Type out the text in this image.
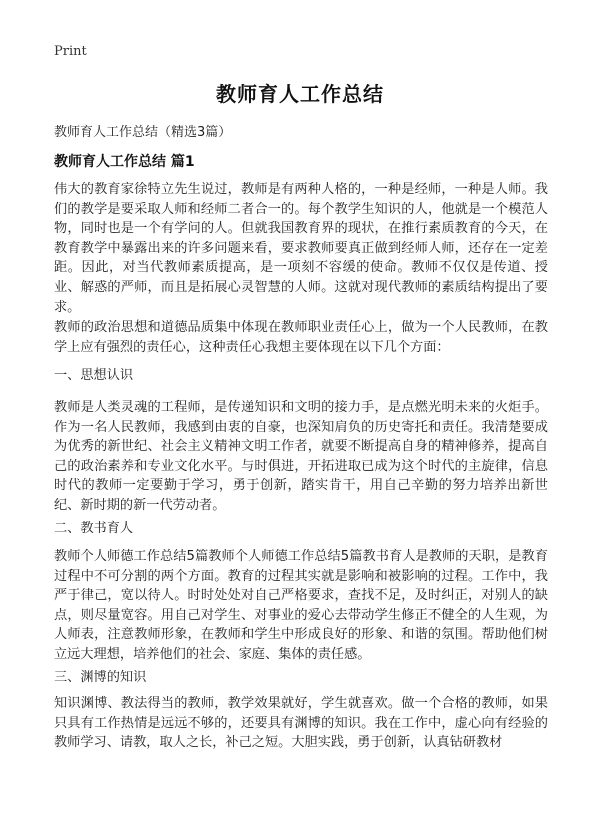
Print
教师育人工作总结
教师育人工作总结（精选3篇）
教师育人工作总结 篇1

伟大的教育家徐特立先生说过，教师是有两种人格的，一种是经师，一种是人师。我们的教学是要采取人师和经师二者合一的。每个教学生知识的人，他就是一个模范人物，同时也是一个有学问的人。但就我国教育界的现状，在推行素质教育的今天，在教育教学中暴露出来的许多问题来看，要求教师要真正做到经师人师，还存在一定差距。因此，对当代教师素质提高，是一项刻不容缓的使命。教师不仅仅是传道、授业、解惑的严师，而且是拓展心灵智慧的人师。这就对现代教师的素质结构提出了要求。

教师的政治思想和道德品质集中体现在教师职业责任心上，做为一个人民教师，在教学上应有强烈的责任心，这种责任心我想主要体现在以下几个方面：

一、思想认识

教师是人类灵魂的工程师，是传递知识和文明的接力手，是点燃光明未来的火炬手。作为一名人民教师，我感到由衷的自豪，也深知肩负的历史寄托和责任。我清楚要成为优秀的新世纪、社会主义精神文明工作者，就要不断提高自身的精神修养，提高自己的政治素养和专业文化水平。与时俱进，开拓进取已成为这个时代的主旋律，信息时代的教师一定要勤于学习，勇于创新，踏实肯干，用自己辛勤的努力培养出新世纪、新时期的新一代劳动者。

二、教书育人

教师个人师德工作总结5篇教师个人师德工作总结5篇教书育人是教师的天职，是教育过程中不可分割的两个方面。教育的过程其实就是影响和被影响的过程。工作中，我严于律己，宽以待人。时时处处对自己严格要求，查找不足，及时纠正，对别人的缺点，则尽量宽容。用自己对学生、对事业的爱心去带动学生修正不健全的人生观，为人师表，注意教师形象，在教师和学生中形成良好的形象、和谐的氛围。帮助他们树立远大理想，培养他们的社会、家庭、集体的责任感。

三、渊博的知识

知识渊博、教法得当的教师，教学效果就好，学生就喜欢。做一个合格的教师，如果只具有工作热情是远远不够的，还要具有渊博的知识。我在工作中，虚心向有经验的教师学习、请教，取人之长，补己之短。大胆实践，勇于创新，认真钻研教材
